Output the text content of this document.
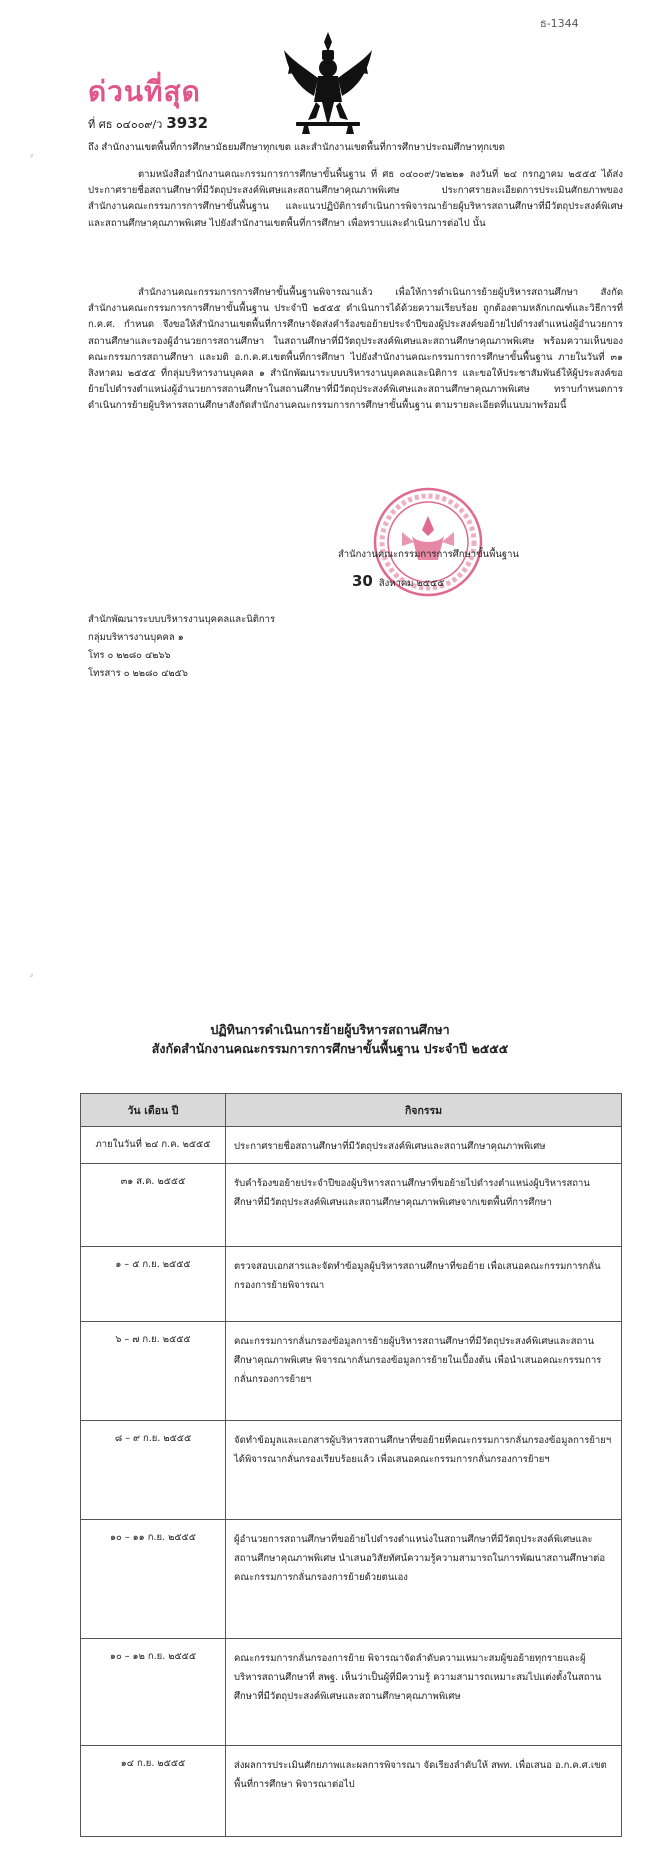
ธ-1344
ด่วนที่สุด
ที่ ศธ ๐๔๐๐๙/ว 3932
ถึง สำนักงานเขตพื้นที่การศึกษามัธยมศึกษาทุกเขต และสำนักงานเขตพื้นที่การศึกษาประถมศึกษาทุกเขต
ตามหนังสือสำนักงานคณะกรรมการการศึกษาขั้นพื้นฐาน ที่ ศธ ๐๔๐๐๙/ว๒๒๒๑ ลงวันที่ ๒๔ กรกฎาคม ๒๕๕๕ ได้ส่งประกาศรายชื่อสถานศึกษาที่มีวัตถุประสงค์พิเศษและสถานศึกษาคุณภาพพิเศษ ประกาศรายละเอียดการประเมินศักยภาพของสำนักงานคณะกรรมการการศึกษาขั้นพื้นฐาน และแนวปฏิบัติการดำเนินการพิจารณาย้ายผู้บริหารสถานศึกษาที่มีวัตถุประสงค์พิเศษและสถานศึกษาคุณภาพพิเศษ ไปยังสำนักงานเขตพื้นที่การศึกษา เพื่อทราบและดำเนินการต่อไป นั้น
สำนักงานคณะกรรมการการศึกษาขั้นพื้นฐานพิจารณาแล้ว เพื่อให้การดำเนินการย้ายผู้บริหารสถานศึกษา สังกัดสำนักงานคณะกรรมการการศึกษาขั้นพื้นฐาน ประจำปี ๒๕๕๕ ดำเนินการได้ด้วยความเรียบร้อย ถูกต้องตามหลักเกณฑ์และวิธีการที่ ก.ค.ศ. กำหนด จึงขอให้สำนักงานเขตพื้นที่การศึกษาจัดส่งคำร้องขอย้ายประจำปีของผู้ประสงค์ขอย้ายไปดำรงตำแหน่งผู้อำนวยการสถานศึกษาและรองผู้อำนวยการสถานศึกษา ในสถานศึกษาที่มีวัตถุประสงค์พิเศษและสถานศึกษาคุณภาพพิเศษ พร้อมความเห็นของคณะกรรมการสถานศึกษา และมติ อ.ก.ค.ศ.เขตพื้นที่การศึกษา ไปยังสำนักงานคณะกรรมการการศึกษาขั้นพื้นฐาน ภายในวันที่ ๓๑ สิงหาคม ๒๕๕๕ ที่กลุ่มบริหารงานบุคคล ๑ สำนักพัฒนาระบบบริหารงานบุคคลและนิติการ และขอให้ประชาสัมพันธ์ให้ผู้ประสงค์ขอย้ายไปดำรงตำแหน่งผู้อำนวยการสถานศึกษาในสถานศึกษาที่มีวัตถุประสงค์พิเศษและสถานศึกษาคุณภาพพิเศษ ทราบกำหนดการดำเนินการย้ายผู้บริหารสถานศึกษาสังกัดสำนักงานคณะกรรมการการศึกษาขั้นพื้นฐาน ตามรายละเอียดที่แนบมาพร้อมนี้
สำนักงานคณะกรรมการการศึกษาขั้นพื้นฐาน
30 สิงหาคม ๒๕๕๕
สำนักพัฒนาระบบบริหารงานบุคคลและนิติการ
กลุ่มบริหารงานบุคคล ๑
โทร ๐ ๒๒๘๐ ๔๒๖๖
โทรสาร ๐ ๒๒๘๐ ๔๒๕๖
⸗
⸗
ปฏิทินการดำเนินการย้ายผู้บริหารสถานศึกษา
สังกัดสำนักงานคณะกรรมการการศึกษาขั้นพื้นฐาน ประจำปี ๒๕๕๕
วัน เดือน ปี	กิจกรรม
ภายในวันที่ ๒๔ ก.ค. ๒๕๕๕	ประกาศรายชื่อสถานศึกษาที่มีวัตถุประสงค์พิเศษและสถานศึกษาคุณภาพพิเศษ
๓๑ ส.ค. ๒๕๕๕	รับคำร้องขอย้ายประจำปีของผู้บริหารสถานศึกษาที่ขอย้ายไปดำรงตำแหน่งผู้บริหารสถานศึกษาที่มีวัตถุประสงค์พิเศษและสถานศึกษาคุณภาพพิเศษจากเขตพื้นที่การศึกษา
๑ – ๕ ก.ย. ๒๕๕๕	ตรวจสอบเอกสารและจัดทำข้อมูลผู้บริหารสถานศึกษาที่ขอย้าย เพื่อเสนอคณะกรรมการกลั่นกรองการย้ายพิจารณา
๖ – ๗ ก.ย. ๒๕๕๕	คณะกรรมการกลั่นกรองข้อมูลการย้ายผู้บริหารสถานศึกษาที่มีวัตถุประสงค์พิเศษและสถานศึกษาคุณภาพพิเศษ พิจารณากลั่นกรองข้อมูลการย้ายในเบื้องต้น เพื่อนำเสนอคณะกรรมการกลั่นกรองการย้ายฯ
๘ – ๙ ก.ย. ๒๕๕๕	จัดทำข้อมูลและเอกสารผู้บริหารสถานศึกษาที่ขอย้ายที่คณะกรรมการกลั่นกรองข้อมูลการย้ายฯ ได้พิจารณากลั่นกรองเรียบร้อยแล้ว เพื่อเสนอคณะกรรมการกลั่นกรองการย้ายฯ
๑๐ – ๑๑ ก.ย. ๒๕๕๕	ผู้อำนวยการสถานศึกษาที่ขอย้ายไปดำรงตำแหน่งในสถานศึกษาที่มีวัตถุประสงค์พิเศษและสถานศึกษาคุณภาพพิเศษ นำเสนอวิสัยทัศน์ความรู้ความสามารถในการพัฒนาสถานศึกษาต่อคณะกรรมการกลั่นกรองการย้ายด้วยตนเอง
๑๐ – ๑๒ ก.ย. ๒๕๕๕	คณะกรรมการกลั่นกรองการย้าย พิจารณาจัดลำดับความเหมาะสมผู้ขอย้ายทุกรายและผู้บริหารสถานศึกษาที่ สพฐ. เห็นว่าเป็นผู้ที่มีความรู้ ความสามารถเหมาะสมไปแต่งตั้งในสถานศึกษาที่มีวัตถุประสงค์พิเศษและสถานศึกษาคุณภาพพิเศษ
๑๔ ก.ย. ๒๕๕๕	ส่งผลการประเมินศักยภาพและผลการพิจารณา จัดเรียงลำดับให้ สพท. เพื่อเสนอ อ.ก.ค.ศ.เขตพื้นที่การศึกษา พิจารณาต่อไป
